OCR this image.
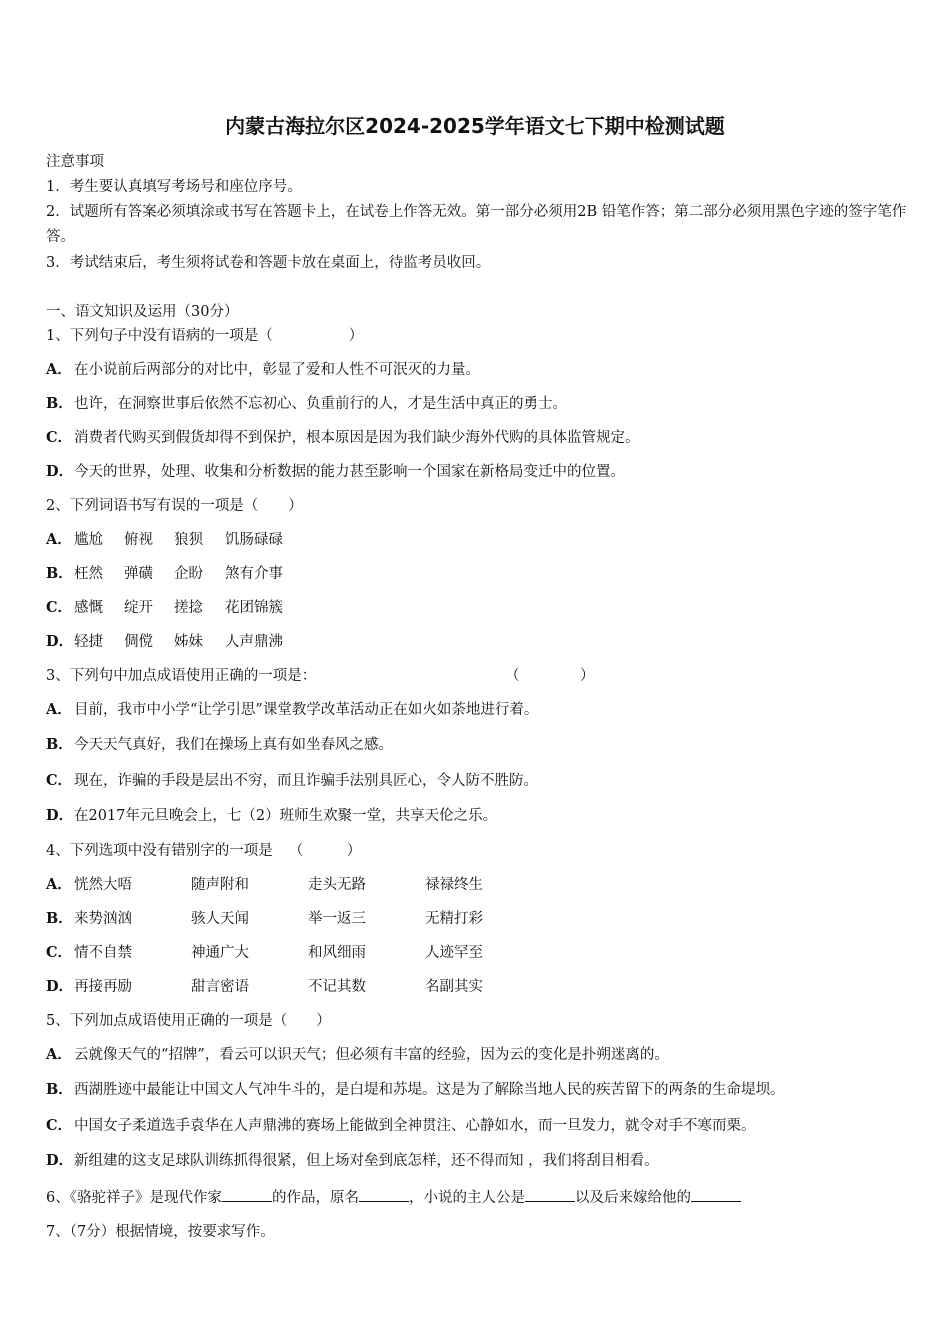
内蒙古海拉尔区2024-2025学年语文七下期中检测试题
注意事项
1．考生要认真填写考场号和座位序号。
2．试题所有答案必须填涂或书写在答题卡上，在试卷上作答无效。第一部分必须用2B 铅笔作答；第二部分必须用黑色字迹的签字笔作答。
3．考试结束后，考生须将试卷和答题卡放在桌面上，待监考员收回。
一、语文知识及运用（30分）
1、下列句子中没有语病的一项是（	）
A． 在小说前后两部分的对比中，彰显了爱和人性不可泯灭的力量。
B．也许，在洞察世事后依然不忘初心、负重前行的人，才是生活中真正的勇士。
C． 消费者代购买到假货却得不到保护，根本原因是因为我们缺少海外代购的具体监管规定。
D．今天的世界，处理、收集和分析数据的能力甚至影响一个国家在新格局变迁中的位置。
2、下列词语书写有误的一项是（ ）
A． 尴尬 俯视 狼狈 饥肠碌碌
B． 枉然 弹磺 企盼 煞有介事
C． 感慨 绽开 搓捻 花团锦簇
D． 轻捷 倜傥 姊妹 人声鼎沸
3、下列句中加点成语使用正确的一项是：	（	）
A． 目前，我市中小学“让学引思”课堂教学改革活动正在如火如荼地进行着。
B．今天天气真好，我们在操场上真有如坐春风之感。
C． 现在，诈骗的手段是层出不穷，而且诈骗手法别具匠心，令人防不胜防。
D．在2017年元旦晚会上，七（2）班师生欢聚一堂，共享天伦之乐。
4、下列选项中没有错别字的一项是 （　　　）
A． 恍然大唔	随声附和	走头无路	禄禄终生
B． 来势汹汹	骇人天闻	举一返三	无精打彩
C． 情不自禁	神通广大	和风细雨	人迹罕至
D． 再接再励	甜言密语	不记其数	名副其实
5、下列加点成语使用正确的一项是（　　）
A． 云就像天气的“招牌”，看云可以识天气；但必须有丰富的经验，因为云的变化是扑朔迷离的。
B．西湖胜迹中最能让中国文人气冲牛斗的，是白堤和苏堤。这是为了解除当地人民的疾苦留下的两条的生命堤坝。
C． 中国女子柔道选手袁华在人声鼎沸的赛场上能做到全神贯注、心静如水，而一旦发力，就令对手不寒而栗。
D．新组建的这支足球队训练抓得很紧，但上场对垒到底怎样，还不得而知 ，我们将刮目相看。
6、《骆驼祥子》是现代作家	的作品，原名	，小说的主人公是	以及后来嫁给他的
7、（7分）根据情境，按要求写作。
